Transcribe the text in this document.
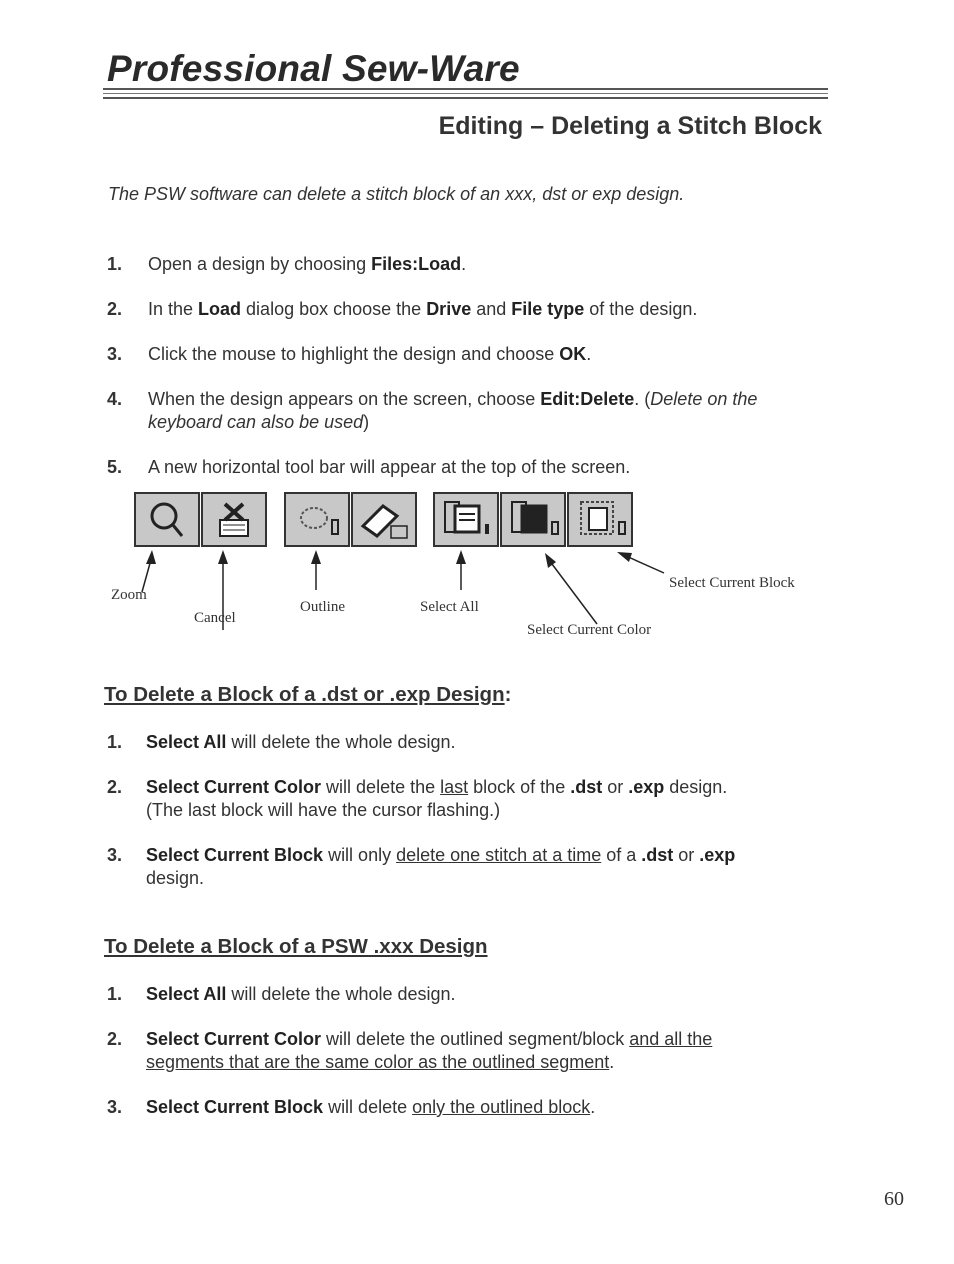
Professional Sew-Ware
Editing – Deleting a Stitch Block
The PSW software can delete a stitch block of an xxx, dst or exp design.
1.	Open a design by choosing Files:Load.
2.	In the Load dialog box choose the Drive and File type of the design.
3.	Click the mouse to highlight the design and choose OK.
4.	When the design appears on the screen, choose Edit:Delete. (Delete on the
keyboard can also be used)
5.	A new horizontal tool bar will appear at the top of the screen.
Zoom
Cancel
Outline	Select All
Select Current Color
Select Current Block
To Delete a Block of a .dst or .exp Design:
1. Select All will delete the whole design.
2. Select Current Color will delete the last block of the .dst or .exp design.
(The last block will have the cursor flashing.)
3. Select Current Block will only delete one stitch at a time of a .dst or .exp
design.
To Delete a Block of a PSW .xxx Design
1. Select All will delete the whole design.
2. Select Current Color will delete the outlined segment/block and all the
segments that are the same color as the outlined segment.
3. Select Current Block will delete only the outlined block.
60
